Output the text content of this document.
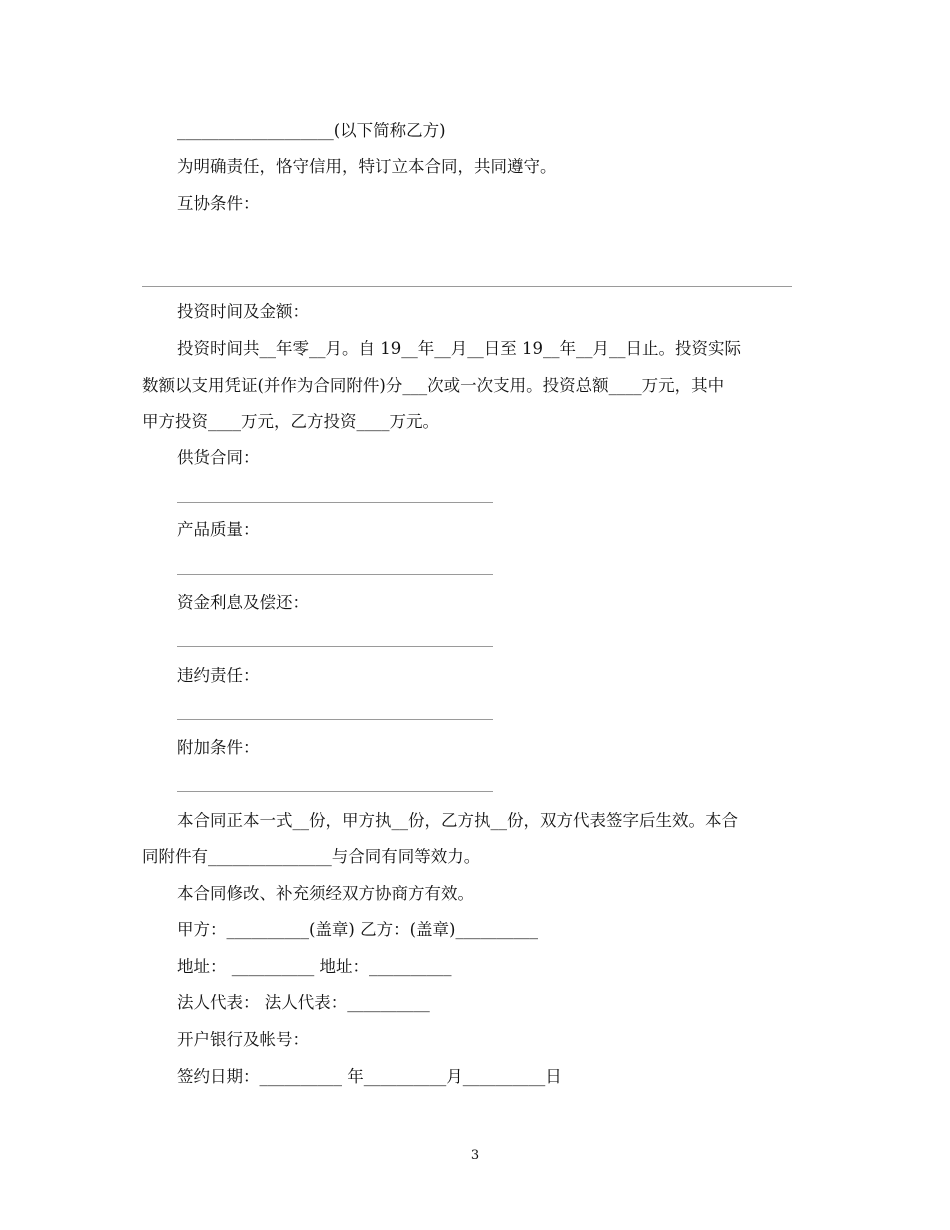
___________________(以下简称乙方)
为明确责任，恪守信用，特订立本合同，共同遵守。
互协条件：
投资时间及金额：
投资时间共__年零__月。自 19__年__月__日至 19__年__月__日止。投资实际
数额以支用凭证(并作为合同附件)分___次或一次支用。投资总额____万元，其中
甲方投资____万元，乙方投资____万元。
供货合同：
产品质量：
资金利息及偿还：
违约责任：
附加条件：
本合同正本一式__份，甲方执__份，乙方执__份，双方代表签字后生效。本合
同附件有_______________与合同有同等效力。
本合同修改、补充须经双方协商方有效。
甲方：__________(盖章) 乙方：(盖章)__________
地址： __________ 地址：__________
法人代表： 法人代表：__________
开户银行及帐号：
签约日期：__________ 年__________月__________日
3
